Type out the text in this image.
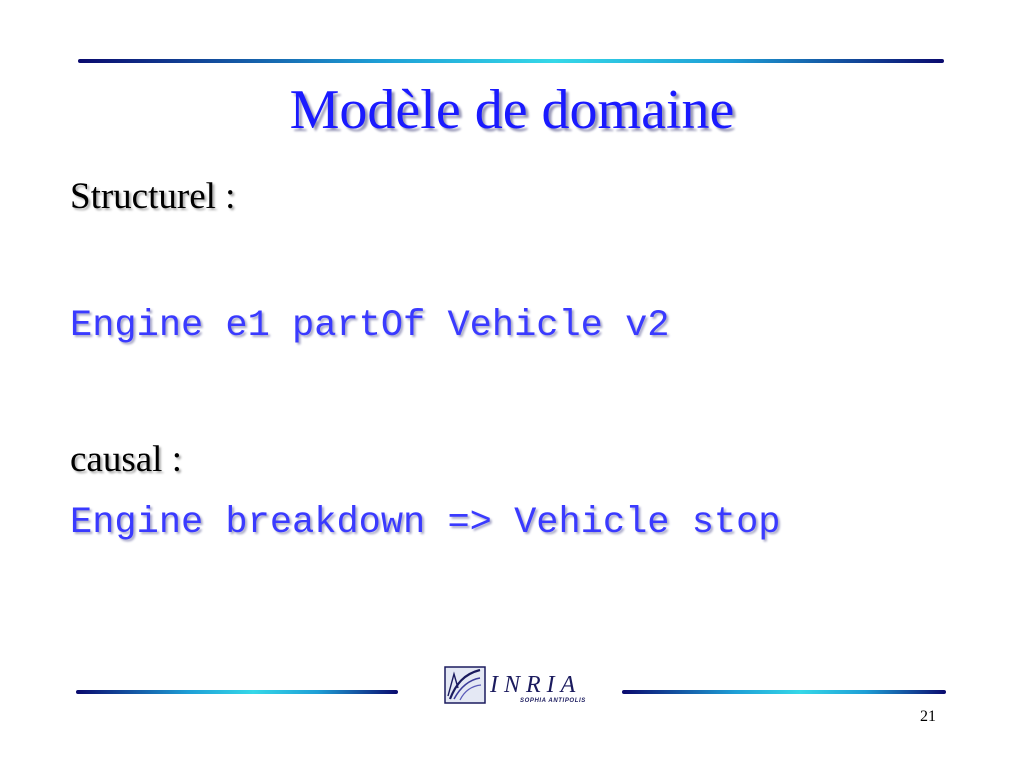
Modèle de domaine
Structurel :
Engine e1 partOf Vehicle v2
causal :
Engine breakdown => Vehicle stop
INRIA
SOPHIA ANTIPOLIS
21
